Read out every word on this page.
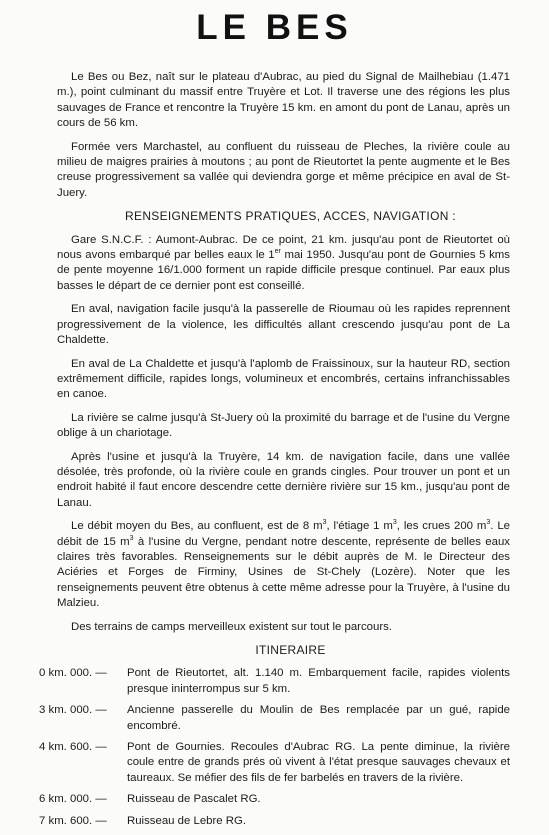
LE BES

Le Bes ou Bez, naît sur le plateau d'Aubrac, au pied du Signal de Mailhebiau (1.471 m.), point culminant du massif entre Truyère et Lot. Il traverse une des régions les plus sauvages de France et rencontre la Truyère 15 km. en amont du pont de Lanau, après un cours de 56 km.

Formée vers Marchastel, au confluent du ruisseau de Pleches, la rivière coule au milieu de maigres prairies à moutons ; au pont de Rieutortet la pente augmente et le Bes creuse progressivement sa vallée qui deviendra gorge et même précipice en aval de St-Juery.

RENSEIGNEMENTS PRATIQUES, ACCES, NAVIGATION :

Gare S.N.C.F. : Aumont-Aubrac. De ce point, 21 km. jusqu'au pont de Rieutortet où nous avons embarqué par belles eaux le 1er mai 1950. Jusqu'au pont de Gournies 5 kms de pente moyenne 16/1.000 forment un rapide difficile presque continuel. Par eaux plus basses le départ de ce dernier pont est conseillé.

En aval, navigation facile jusqu'à la passerelle de Rioumau où les rapides reprennent progressivement de la violence, les difficultés allant crescendo jusqu'au pont de La Chaldette.

En aval de La Chaldette et jusqu'à l'aplomb de Fraissinoux, sur la hauteur RD, section extrêmement difficile, rapides longs, volumineux et encombrés, certains infranchissables en canoe.

La rivière se calme jusqu'à St-Juery où la proximité du barrage et de l'usine du Vergne oblige à un chariotage.

Après l'usine et jusqu'à la Truyère, 14 km. de navigation facile, dans une vallée désolée, très profonde, où la rivière coule en grands cingles. Pour trouver un pont et un endroit habité il faut encore descendre cette dernière rivière sur 15 km., jusqu'au pont de Lanau.

Le débit moyen du Bes, au confluent, est de 8 $m^3$, l'étiage 1 $m^3$, les crues 200 $m^3$. Le débit de 15 $m^3$ à l'usine du Vergne, pendant notre descente, représente de belles eaux claires très favorables. Renseignements sur le débit auprès de M. le Directeur des Aciéries et Forges de Firminy, Usines de St-Chely (Lozère). Noter que les renseignements peuvent être obtenus à cette même adresse pour la Truyère, à l'usine du Malzieu.

Des terrains de camps merveilleux existent sur tout le parcours.

ITINERAIRE

0 km. 000. —	Pont de Rieutortet, alt. 1.140 m. Embarquement facile, rapides violents presque ininterrompus sur 5 km.
3 km. 000. —	Ancienne passerelle du Moulin de Bes remplacée par un gué, rapide encombré.
4 km. 600. —	Pont de Gournies. Recoules d'Aubrac RG. La pente diminue, la rivière coule entre de grands prés où vivent à l'état presque sauvages chevaux et taureaux. Se méfier des fils de fer barbelés en travers de la rivière.
6 km. 000. —	Ruisseau de Pascalet RG.
7 km. 600. —	Ruisseau de Lebre RG.
